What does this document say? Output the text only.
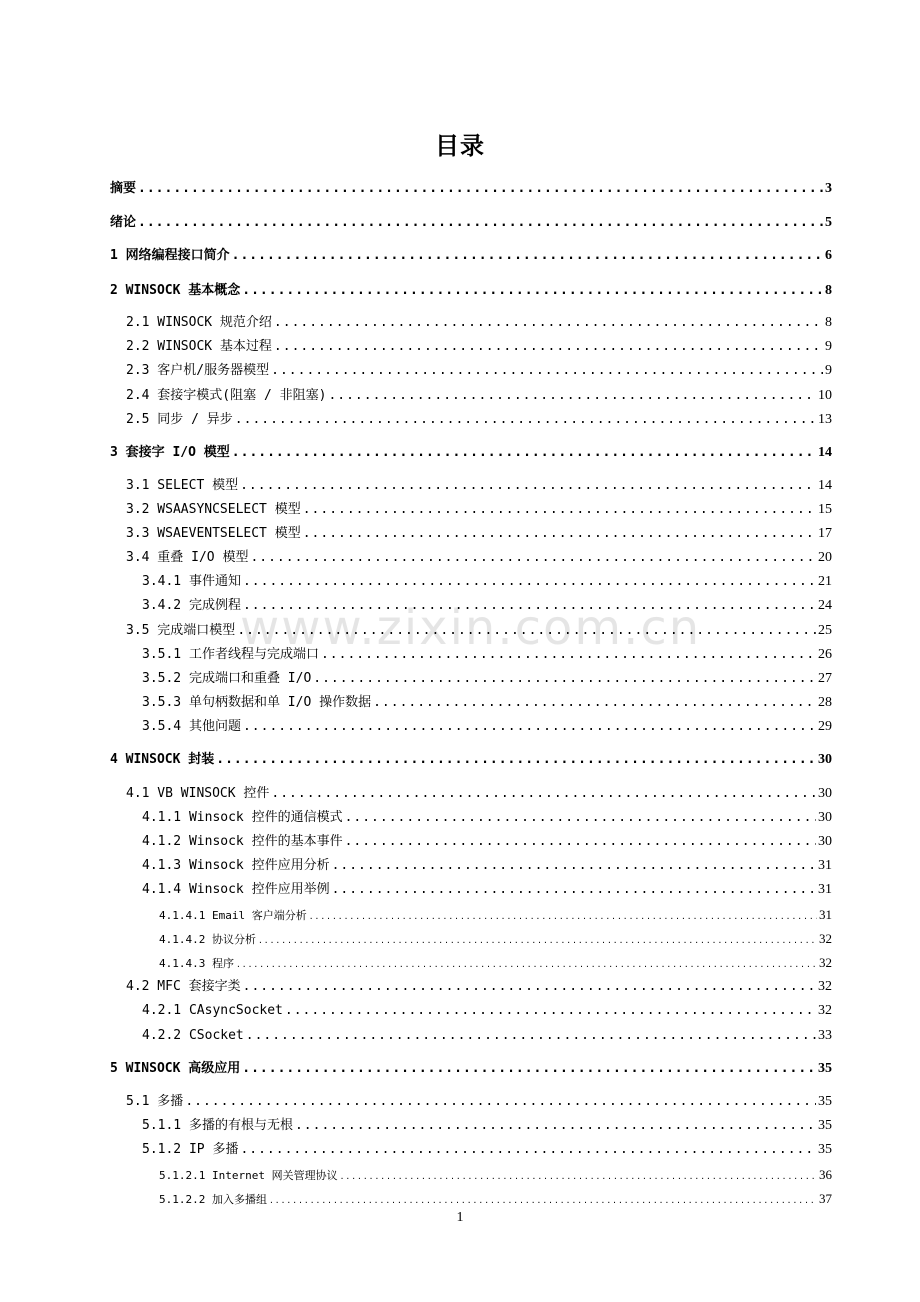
目录
www.zixin.com.cn
摘要 .....	3
绪论 .....	5
1 网络编程接口简介 .....	6
2 WINSOCK 基本概念 .....	8
2.1 WINSOCK 规范介绍 .....	8
2.2 WINSOCK 基本过程 .....	9
2.3 客户机/服务器模型 .....	9
2.4 套接字模式(阻塞 / 非阻塞) .....	10
2.5 同步 / 异步 .....	13
3 套接字 I/O 模型 .....	14
3.1 SELECT 模型 .....	14
3.2 WSAASYNCSELECT 模型 .....	15
3.3 WSAEVENTSELECT 模型 .....	17
3.4 重叠 I/O 模型 .....	20
3.4.1 事件通知 .....	21
3.4.2 完成例程 .....	24
3.5 完成端口模型 .....	25
3.5.1 工作者线程与完成端口 .....	26
3.5.2 完成端口和重叠 I/O .....	27
3.5.3 单句柄数据和单 I/O 操作数据 .....	28
3.5.4 其他问题 .....	29
4 WINSOCK 封装 .....	30
4.1 VB WINSOCK 控件 .....	30
4.1.1 Winsock 控件的通信模式 .....	30
4.1.2 Winsock 控件的基本事件 .....	30
4.1.3 Winsock 控件应用分析 .....	31
4.1.4 Winsock 控件应用举例 .....	31
4.1.4.1 Email 客户端分析 .....	31
4.1.4.2 协议分析 .....	32
4.1.4.3 程序 .....	32
4.2 MFC 套接字类 .....	32
4.2.1 CAsyncSocket .....	32
4.2.2 CSocket .....	33
5 WINSOCK 高级应用 .....	35
5.1 多播 .....	35
5.1.1 多播的有根与无根 .....	35
5.1.2 IP 多播 .....	35
5.1.2.1 Internet 网关管理协议 .....	36
5.1.2.2 加入多播组 .....	37
1
